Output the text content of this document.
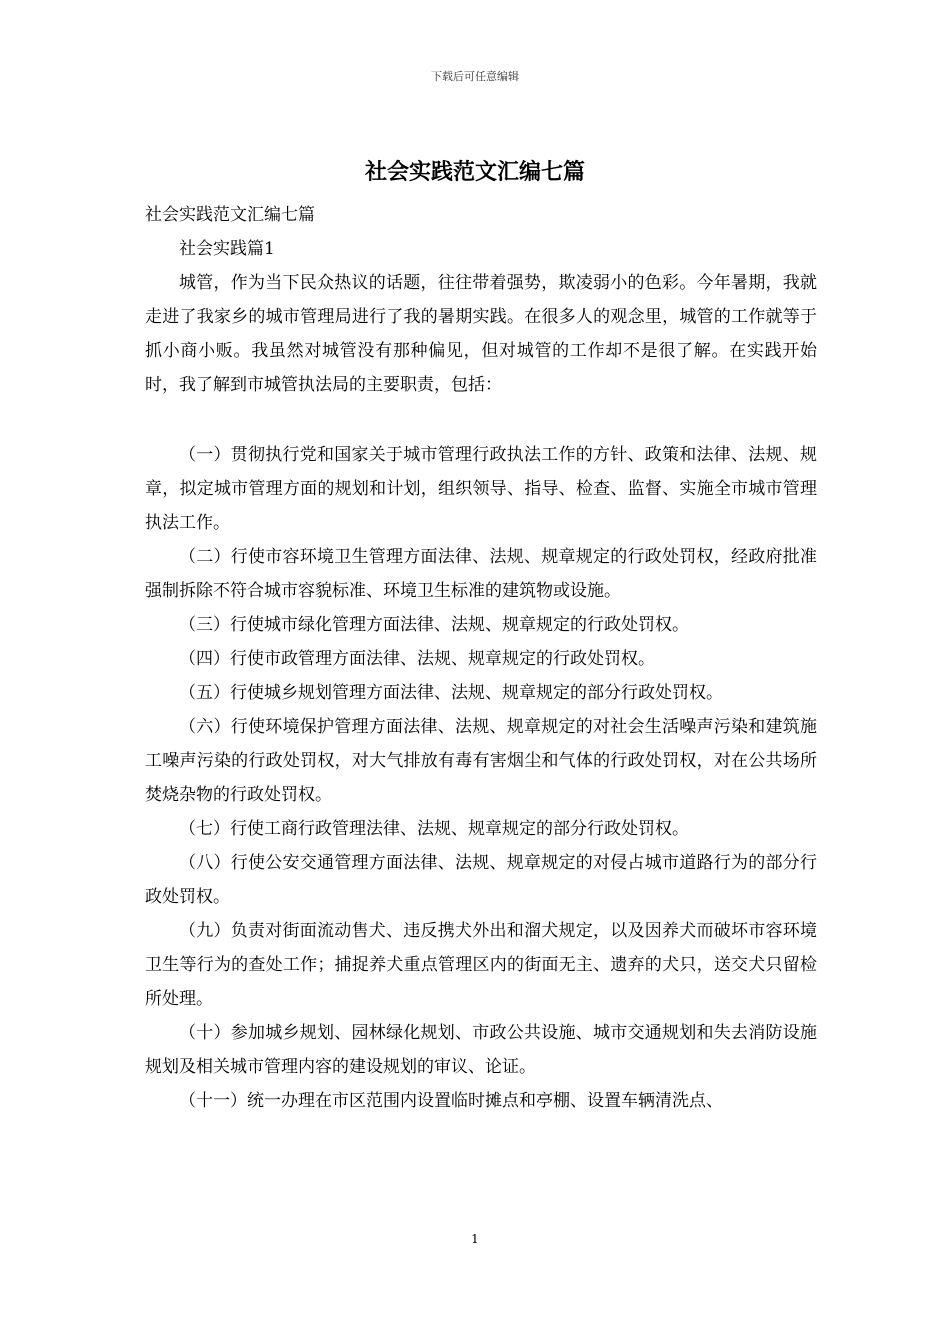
下载后可任意编辑
社会实践范文汇编七篇

社会实践范文汇编七篇

社会实践篇1

城管，作为当下民众热议的话题，往往带着强势，欺凌弱小的色彩。今年暑期，我就走进了我家乡的城市管理局进行了我的暑期实践。在很多人的观念里，城管的工作就等于抓小商小贩。我虽然对城管没有那种偏见，但对城管的工作却不是很了解。在实践开始时，我了解到市城管执法局的主要职责，包括：

（一）贯彻执行党和国家关于城市管理行政执法工作的方针、政策和法律、法规、规章，拟定城市管理方面的规划和计划，组织领导、指导、检查、监督、实施全市城市管理执法工作。

（二）行使市容环境卫生管理方面法律、法规、规章规定的行政处罚权，经政府批准强制拆除不符合城市容貌标准、环境卫生标准的建筑物或设施。

（三）行使城市绿化管理方面法律、法规、规章规定的行政处罚权。

（四）行使市政管理方面法律、法规、规章规定的行政处罚权。

（五）行使城乡规划管理方面法律、法规、规章规定的部分行政处罚权。

（六）行使环境保护管理方面法律、法规、规章规定的对社会生活噪声污染和建筑施工噪声污染的行政处罚权，对大气排放有毒有害烟尘和气体的行政处罚权，对在公共场所焚烧杂物的行政处罚权。

（七）行使工商行政管理法律、法规、规章规定的部分行政处罚权。

（八）行使公安交通管理方面法律、法规、规章规定的对侵占城市道路行为的部分行政处罚权。

（九）负责对街面流动售犬、违反携犬外出和溜犬规定，以及因养犬而破坏市容环境卫生等行为的查处工作；捕捉养犬重点管理区内的街面无主、遗弃的犬只，送交犬只留检所处理。

（十）参加城乡规划、园林绿化规划、市政公共设施、城市交通规划和失去消防设施规划及相关城市管理内容的建设规划的审议、论证。

（十一）统一办理在市区范围内设置临时摊点和亭棚、设置车辆清洗点、

1
